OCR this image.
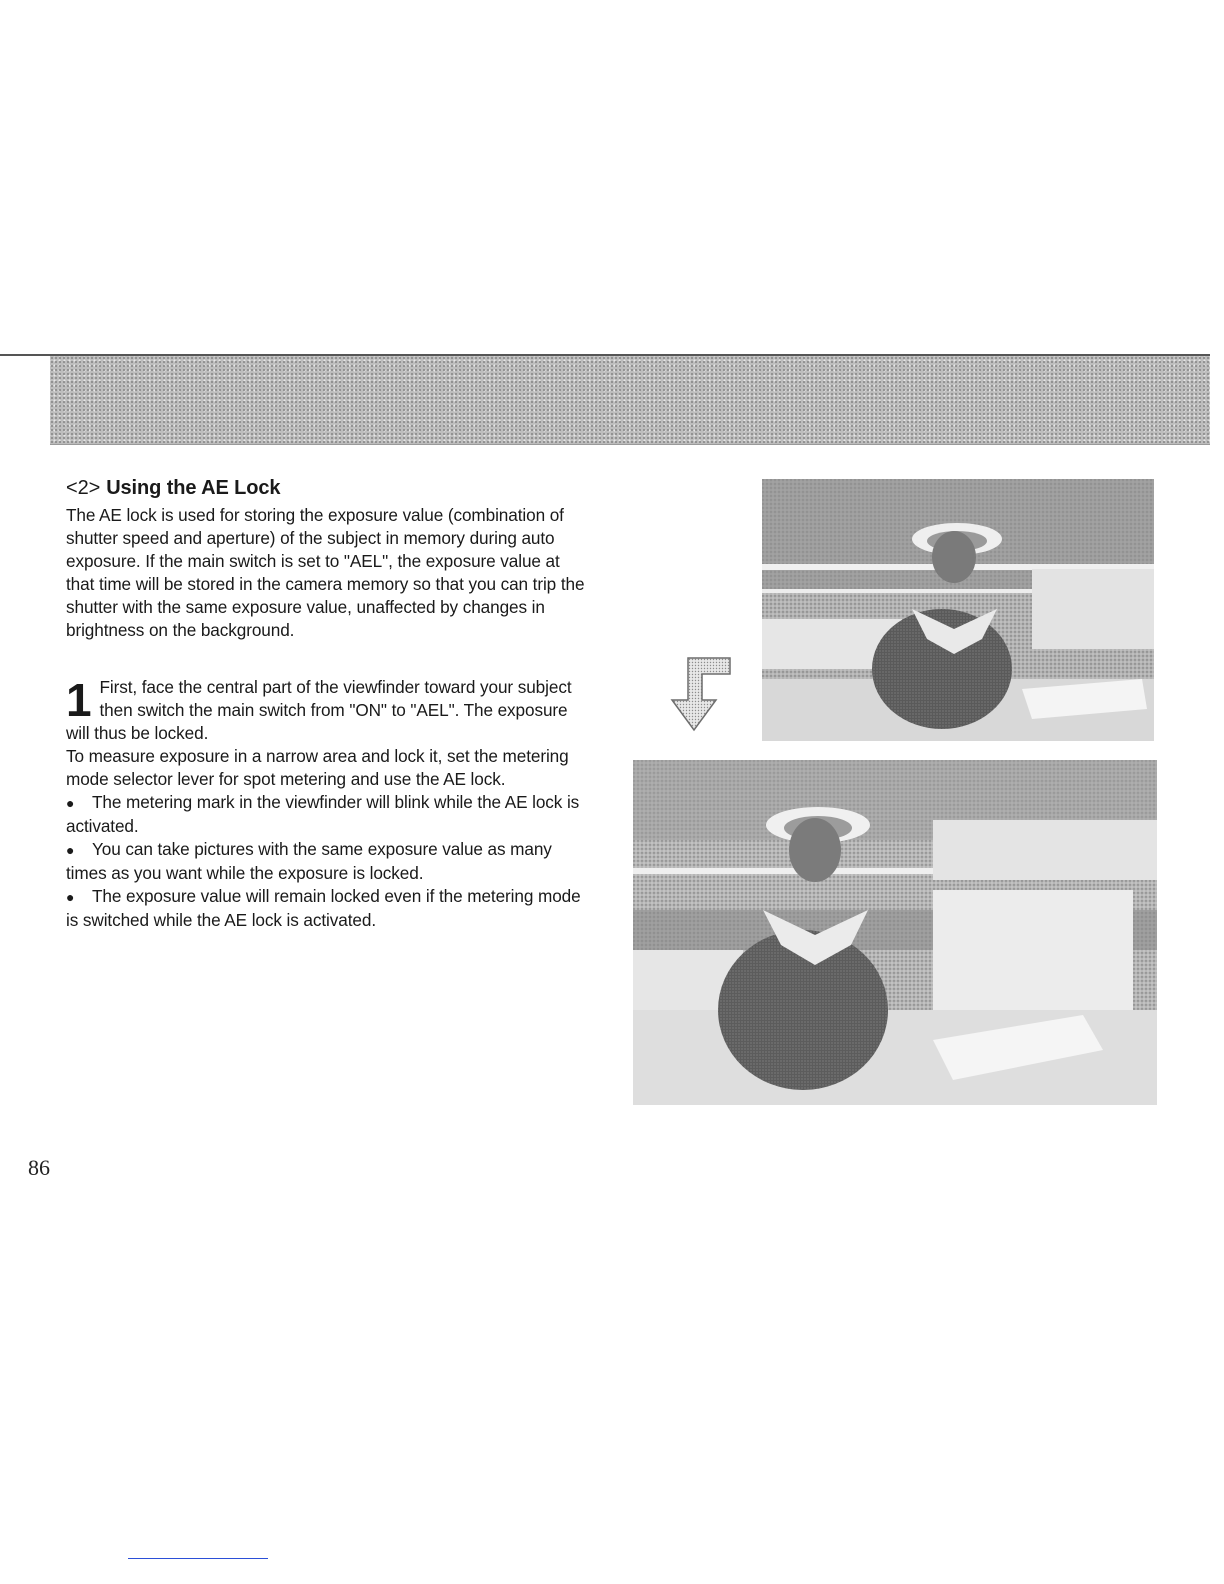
<2> Using the AE Lock

The AE lock is used for storing the exposure value (combination of shutter speed and aperture) of the subject in memory during auto exposure. If the main switch is set to "AEL", the exposure value at that time will be stored in the camera memory so that you can trip the shutter with the same exposure value, unaffected by changes in brightness on the background.

1 First, face the central part of the viewfinder toward your subject then switch the main switch from "ON" to "AEL". The exposure will thus be locked.

To measure exposure in a narrow area and lock it, set the metering mode selector lever for spot metering and use the AE lock.

● The metering mark in the viewfinder will blink while the AE lock is activated.

● You can take pictures with the same exposure value as many times as you want while the exposure is locked.

● The exposure value will remain locked even if the metering mode is switched while the AE lock is activated.

86
